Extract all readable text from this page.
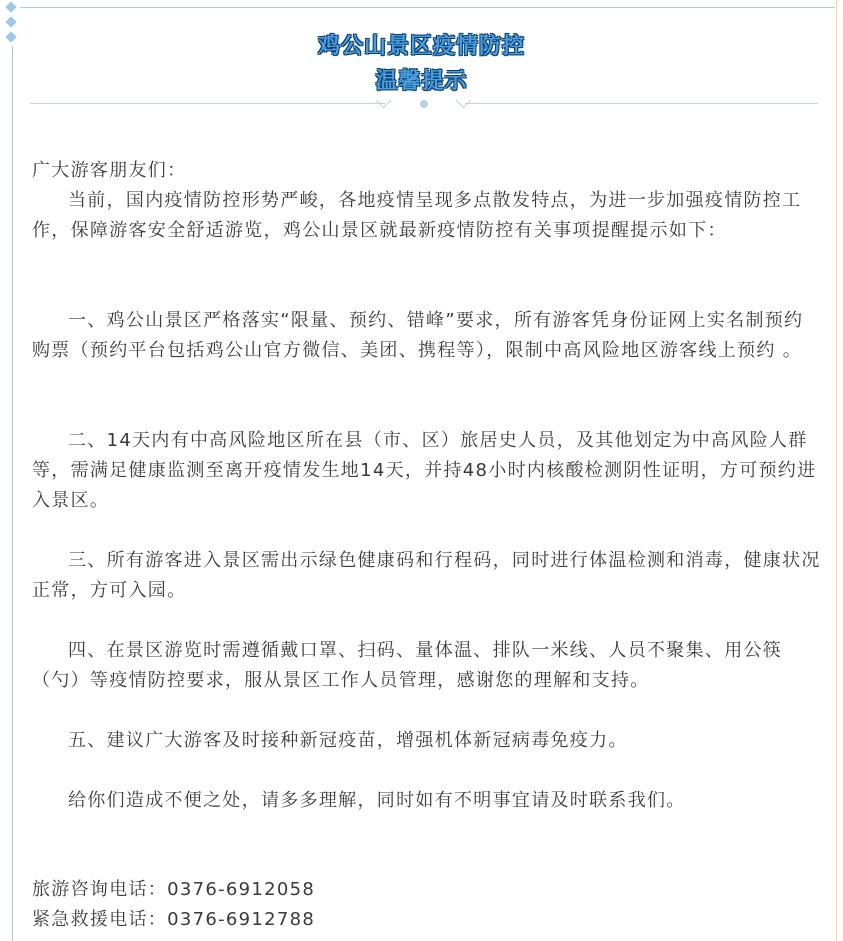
鸡公山景区疫情防控
温馨提示

广大游客朋友们：

当前，国内疫情防控形势严峻，各地疫情呈现多点散发特点，为进一步加强疫情防控工作，保障游客安全舒适游览，鸡公山景区就最新疫情防控有关事项提醒提示如下：

一、鸡公山景区严格落实“限量、预约、错峰”要求，所有游客凭身份证网上实名制预约购票（预约平台包括鸡公山官方微信、美团、携程等），限制中高风险地区游客线上预约 。

二、14天内有中高风险地区所在县（市、区）旅居史人员，及其他划定为中高风险人群等，需满足健康监测至离开疫情发生地14天，并持48小时内核酸检测阴性证明，方可预约进入景区。

三、所有游客进入景区需出示绿色健康码和行程码，同时进行体温检测和消毒，健康状况正常，方可入园。

四、在景区游览时需遵循戴口罩、扫码、量体温、排队一米线、人员不聚集、用公筷（勺）等疫情防控要求，服从景区工作人员管理，感谢您的理解和支持。

五、建议广大游客及时接种新冠疫苗，增强机体新冠病毒免疫力。

给你们造成不便之处，请多多理解，同时如有不明事宜请及时联系我们。

旅游咨询电话：0376-6912058
紧急救援电话：0376-6912788
